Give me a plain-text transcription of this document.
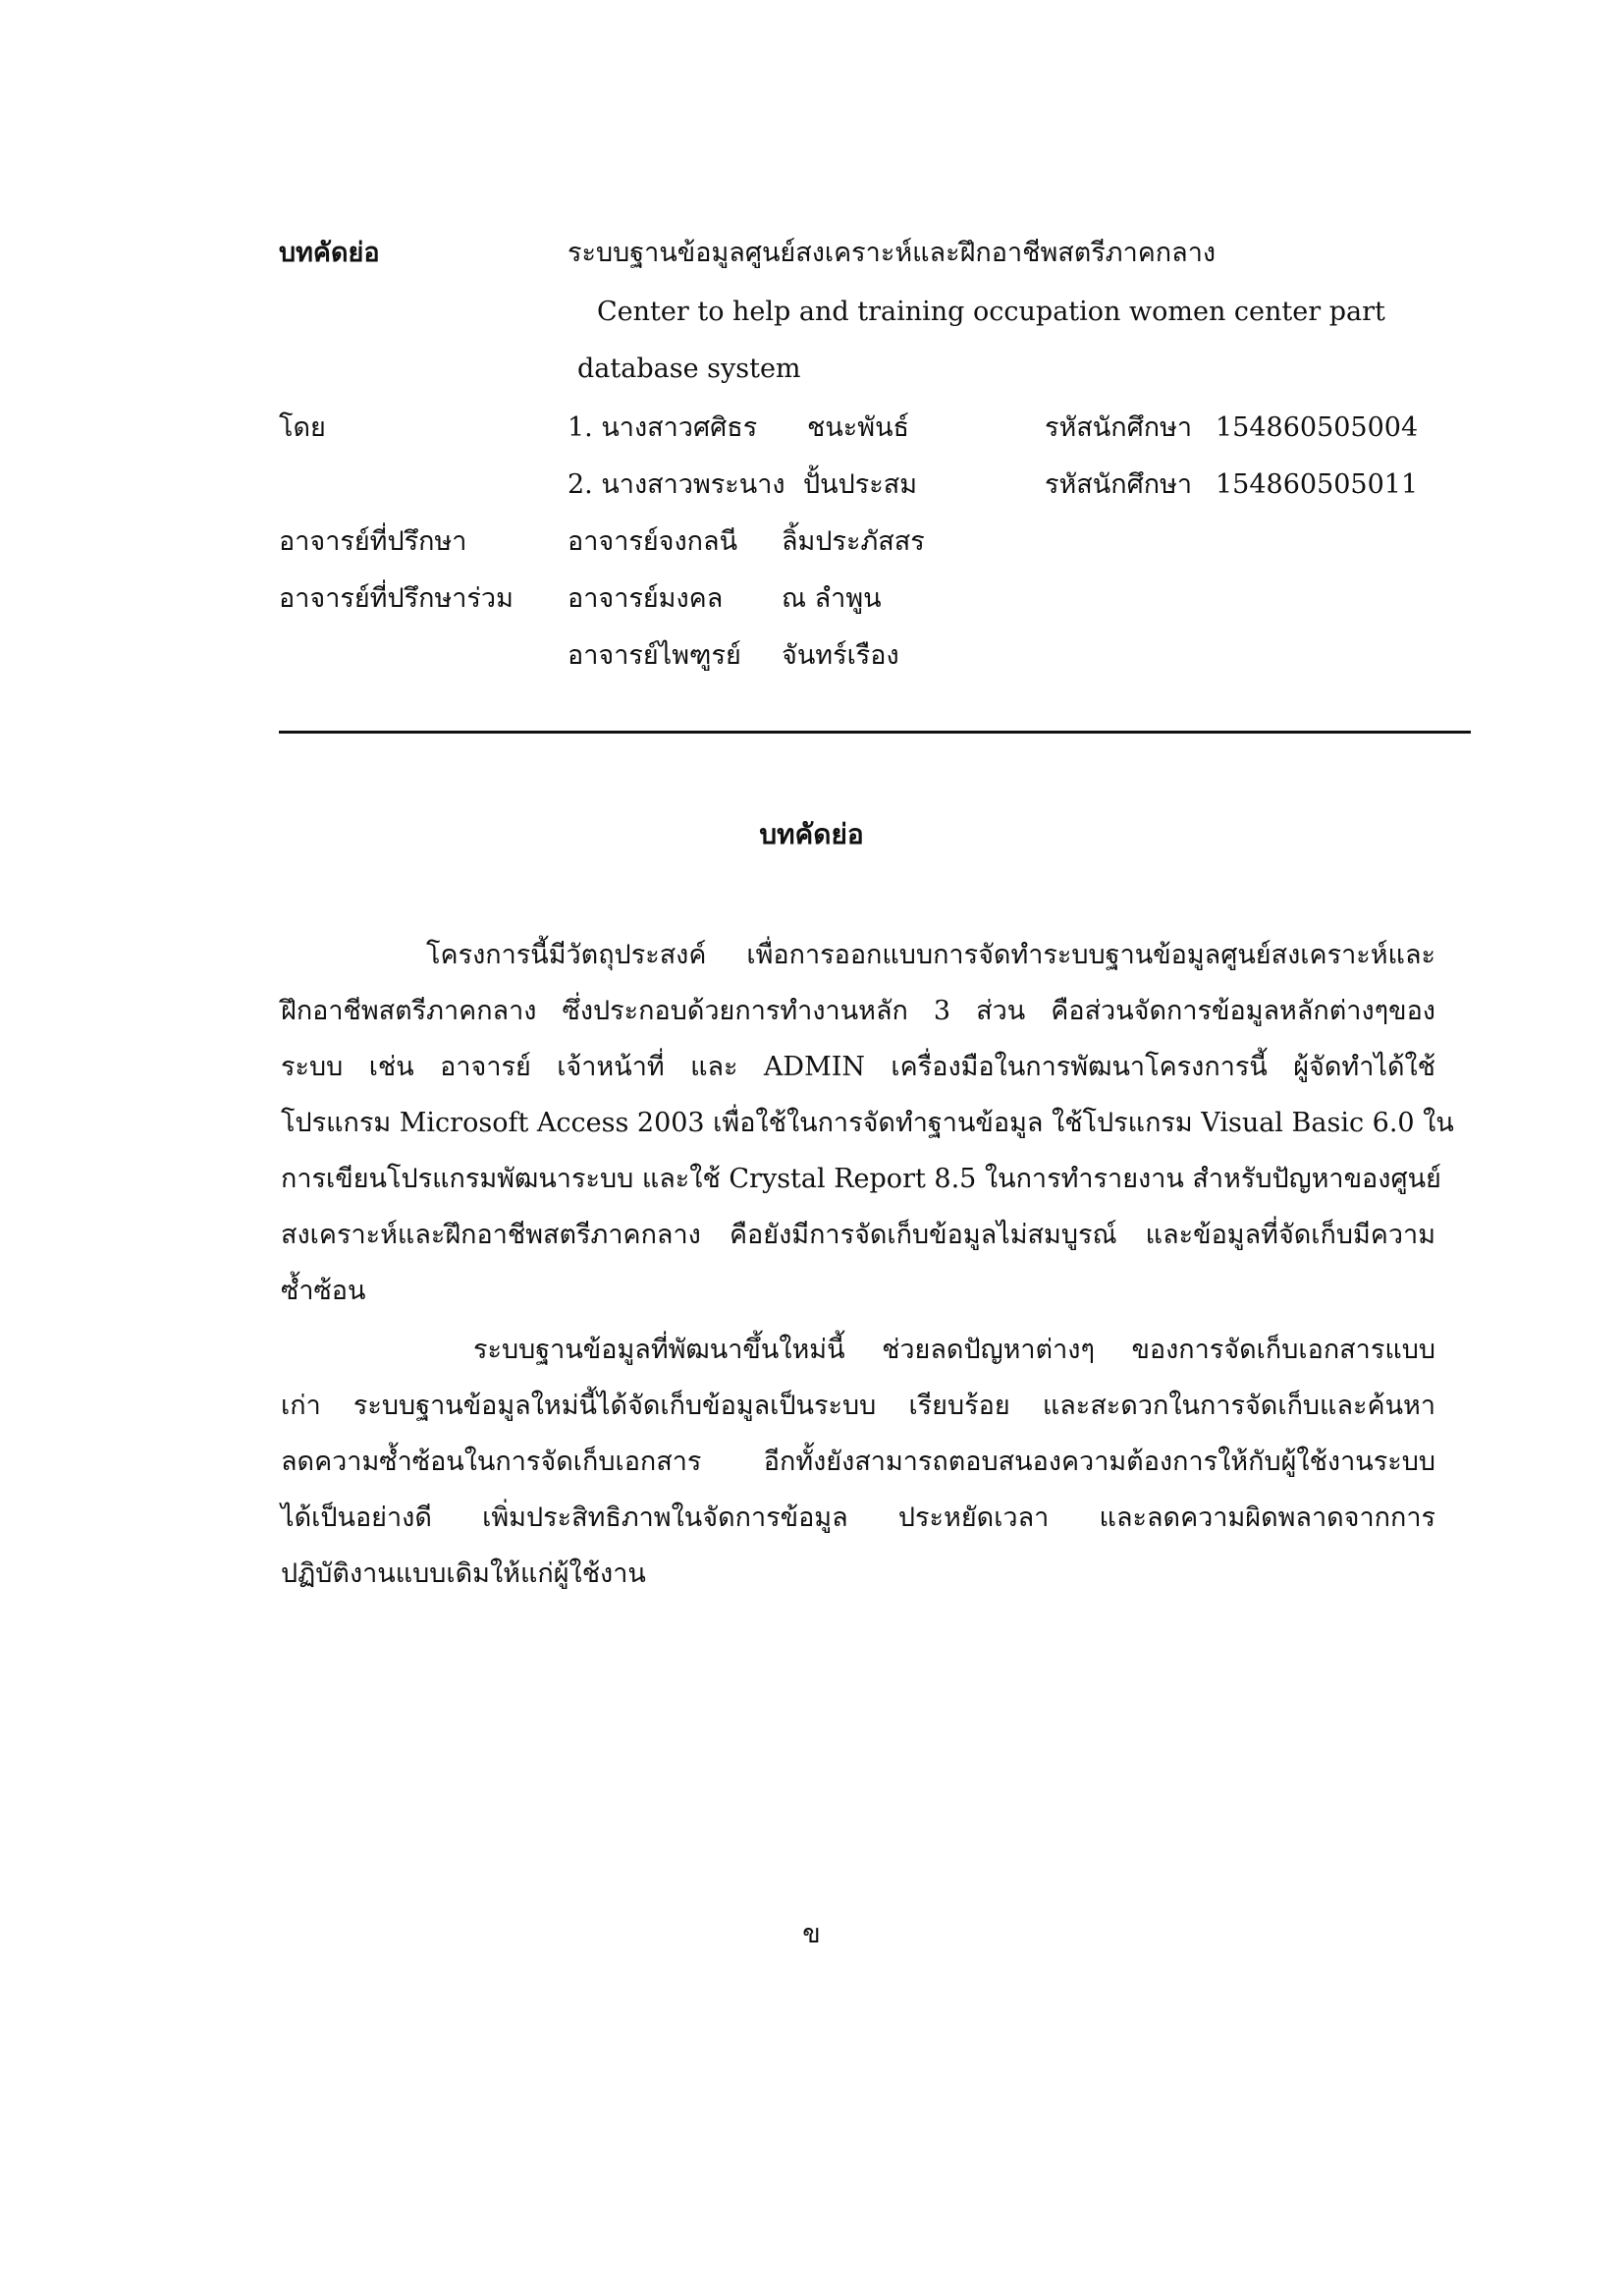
บทคัดย่อ	ระบบฐานข้อมูลศูนย์สงเคราะห์และฝึกอาชีพสตรีภาคกลาง
Center to help and training occupation women center part
database system
โดย	1. นางสาวศศิธร ชนะพันธ์	รหัสนักศึกษา 154860505004
2. นางสาวพระนาง ปั้นประสม	รหัสนักศึกษา 154860505011
อาจารย์ที่ปรึกษา	อาจารย์จงกลนี ลิ้มประภัสสร
อาจารย์ที่ปรึกษาร่วม อาจารย์มงคล ณ ลำพูน
อาจารย์ไพฑูรย์ จันทร์เรือง
บทคัดย่อ
โครงการนี้มีวัตถุประสงค์ เพื่อการออกแบบการจัดทำระบบฐานข้อมูลศูนย์สงเคราะห์และ
ฝึกอาชีพสตรีภาคกลาง ซึ่งประกอบด้วยการทำงานหลัก 3 ส่วน คือส่วนจัดการข้อมูลหลักต่างๆของ
ระบบ เช่น อาจารย์ เจ้าหน้าที่ และ ADMIN เครื่องมือในการพัฒนาโครงการนี้ ผู้จัดทำได้ใช้
โปรแกรม Microsoft Access 2003 เพื่อใช้ในการจัดทำฐานข้อมูล ใช้โปรแกรม Visual Basic 6.0 ใน
การเขียนโปรแกรมพัฒนาระบบ และใช้ Crystal Report 8.5 ในการทำรายงาน สำหรับปัญหาของศูนย์
สงเคราะห์และฝึกอาชีพสตรีภาคกลาง คือยังมีการจัดเก็บข้อมูลไม่สมบูรณ์ และข้อมูลที่จัดเก็บมีความ
ซ้ำซ้อน
ระบบฐานข้อมูลที่พัฒนาขึ้นใหม่นี้ ช่วยลดปัญหาต่างๆ ของการจัดเก็บเอกสารแบบ
เก่า ระบบฐานข้อมูลใหม่นี้ได้จัดเก็บข้อมูลเป็นระบบ เรียบร้อย และสะดวกในการจัดเก็บและค้นหา
ลดความซ้ำซ้อนในการจัดเก็บเอกสาร อีกทั้งยังสามารถตอบสนองความต้องการให้กับผู้ใช้งานระบบ
ได้เป็นอย่างดี เพิ่มประสิทธิภาพในจัดการข้อมูล ประหยัดเวลา และลดความผิดพลาดจากการ
ปฏิบัติงานแบบเดิมให้แก่ผู้ใช้งาน
ข
